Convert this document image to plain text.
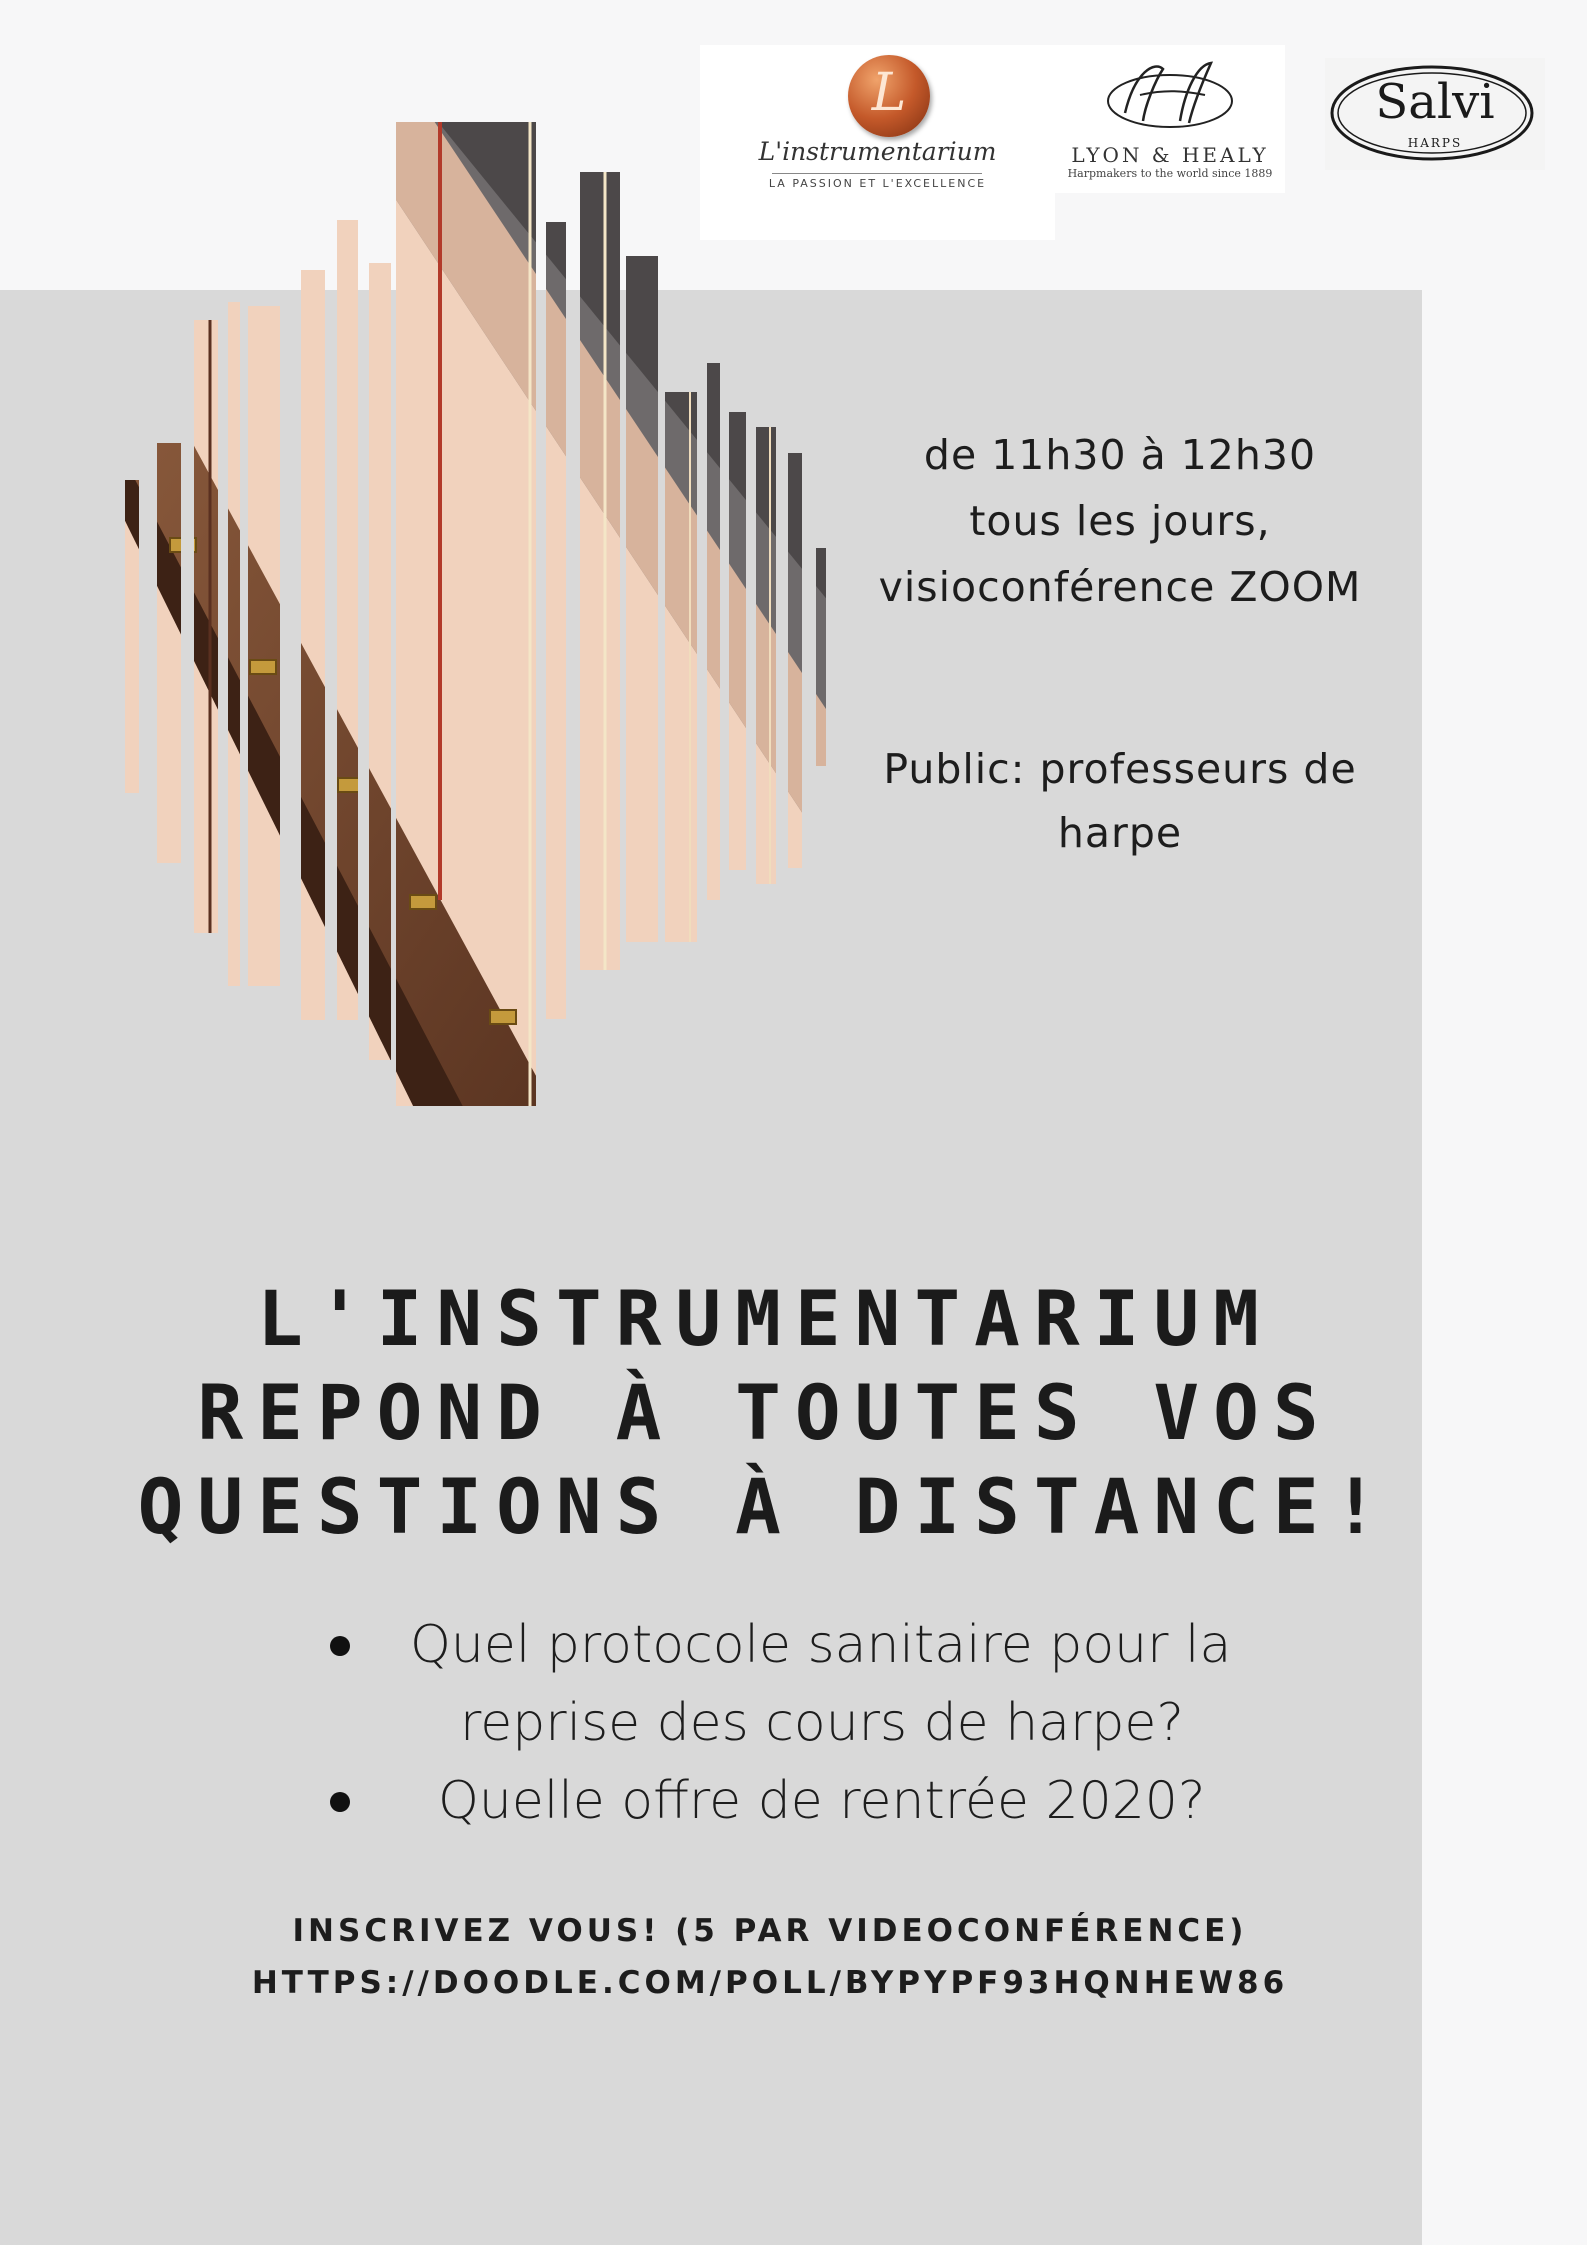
L
L'instrumentarium
LA PASSION ET L'EXCELLENCE
LYON & HEALY
Harpmakers to the world since 1889
Salvi
HARPS
de 11h30 à 12h30
tous les jours,
visioconférence ZOOM
Public: professeurs de
harpe
L'INSTRUMENTARIUM
REPOND À TOUTES VOS
QUESTIONS À DISTANCE!
Quel protocole sanitaire pour la
reprise des cours de harpe?
Quelle offre de rentrée 2020?
INSCRIVEZ VOUS! (5 PAR VIDEOCONFÉRENCE)
HTTPS://DOODLE.COM/POLL/BYPYPF93HQNHEW86
